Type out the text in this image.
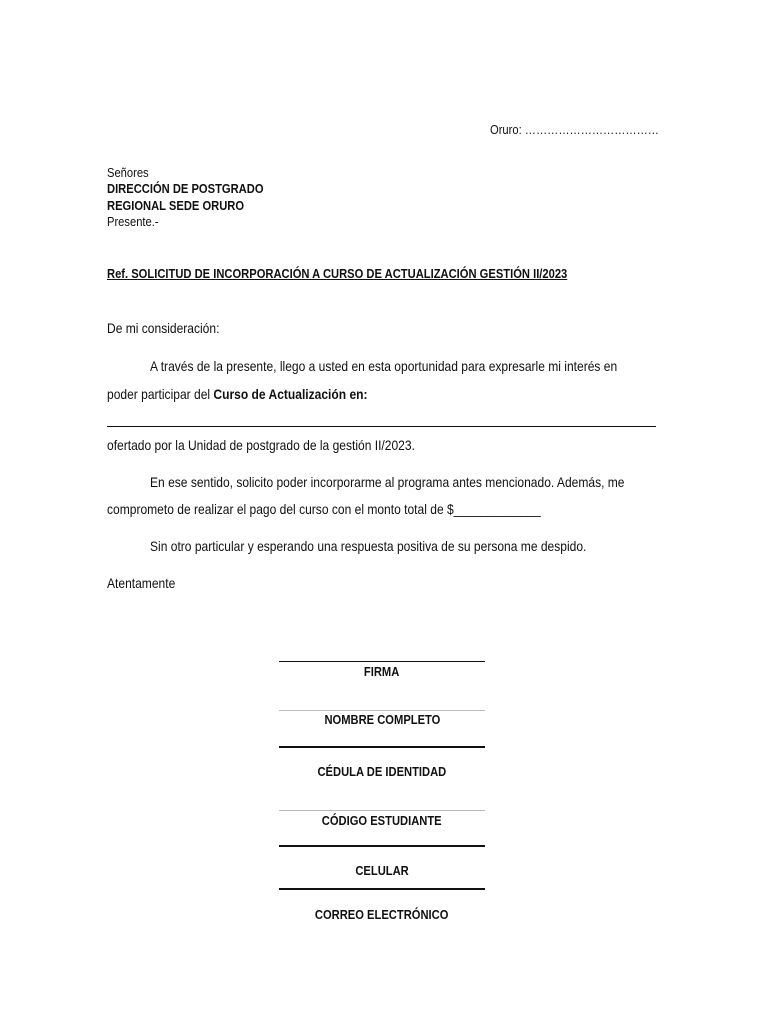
Oruro: ………………………………
Señores
DIRECCIÓN DE POSTGRADO
REGIONAL SEDE ORURO
Presente.-
Ref. SOLICITUD DE INCORPORACIÓN A CURSO DE ACTUALIZACIÓN GESTIÓN II/2023
De mi consideración:
A través de la presente, llego a usted en esta oportunidad para expresarle mi interés en
poder participar del Curso de Actualización en:
ofertado por la Unidad de postgrado de la gestión II/2023.
En ese sentido, solicito poder incorporarme al programa antes mencionado. Además, me
comprometo de realizar el pago del curso con el monto total de $_____________
Sin otro particular y esperando una respuesta positiva de su persona me despido.
Atentamente
FIRMA
NOMBRE COMPLETO
CÉDULA DE IDENTIDAD
CÓDIGO ESTUDIANTE
CELULAR
CORREO ELECTRÓNICO
